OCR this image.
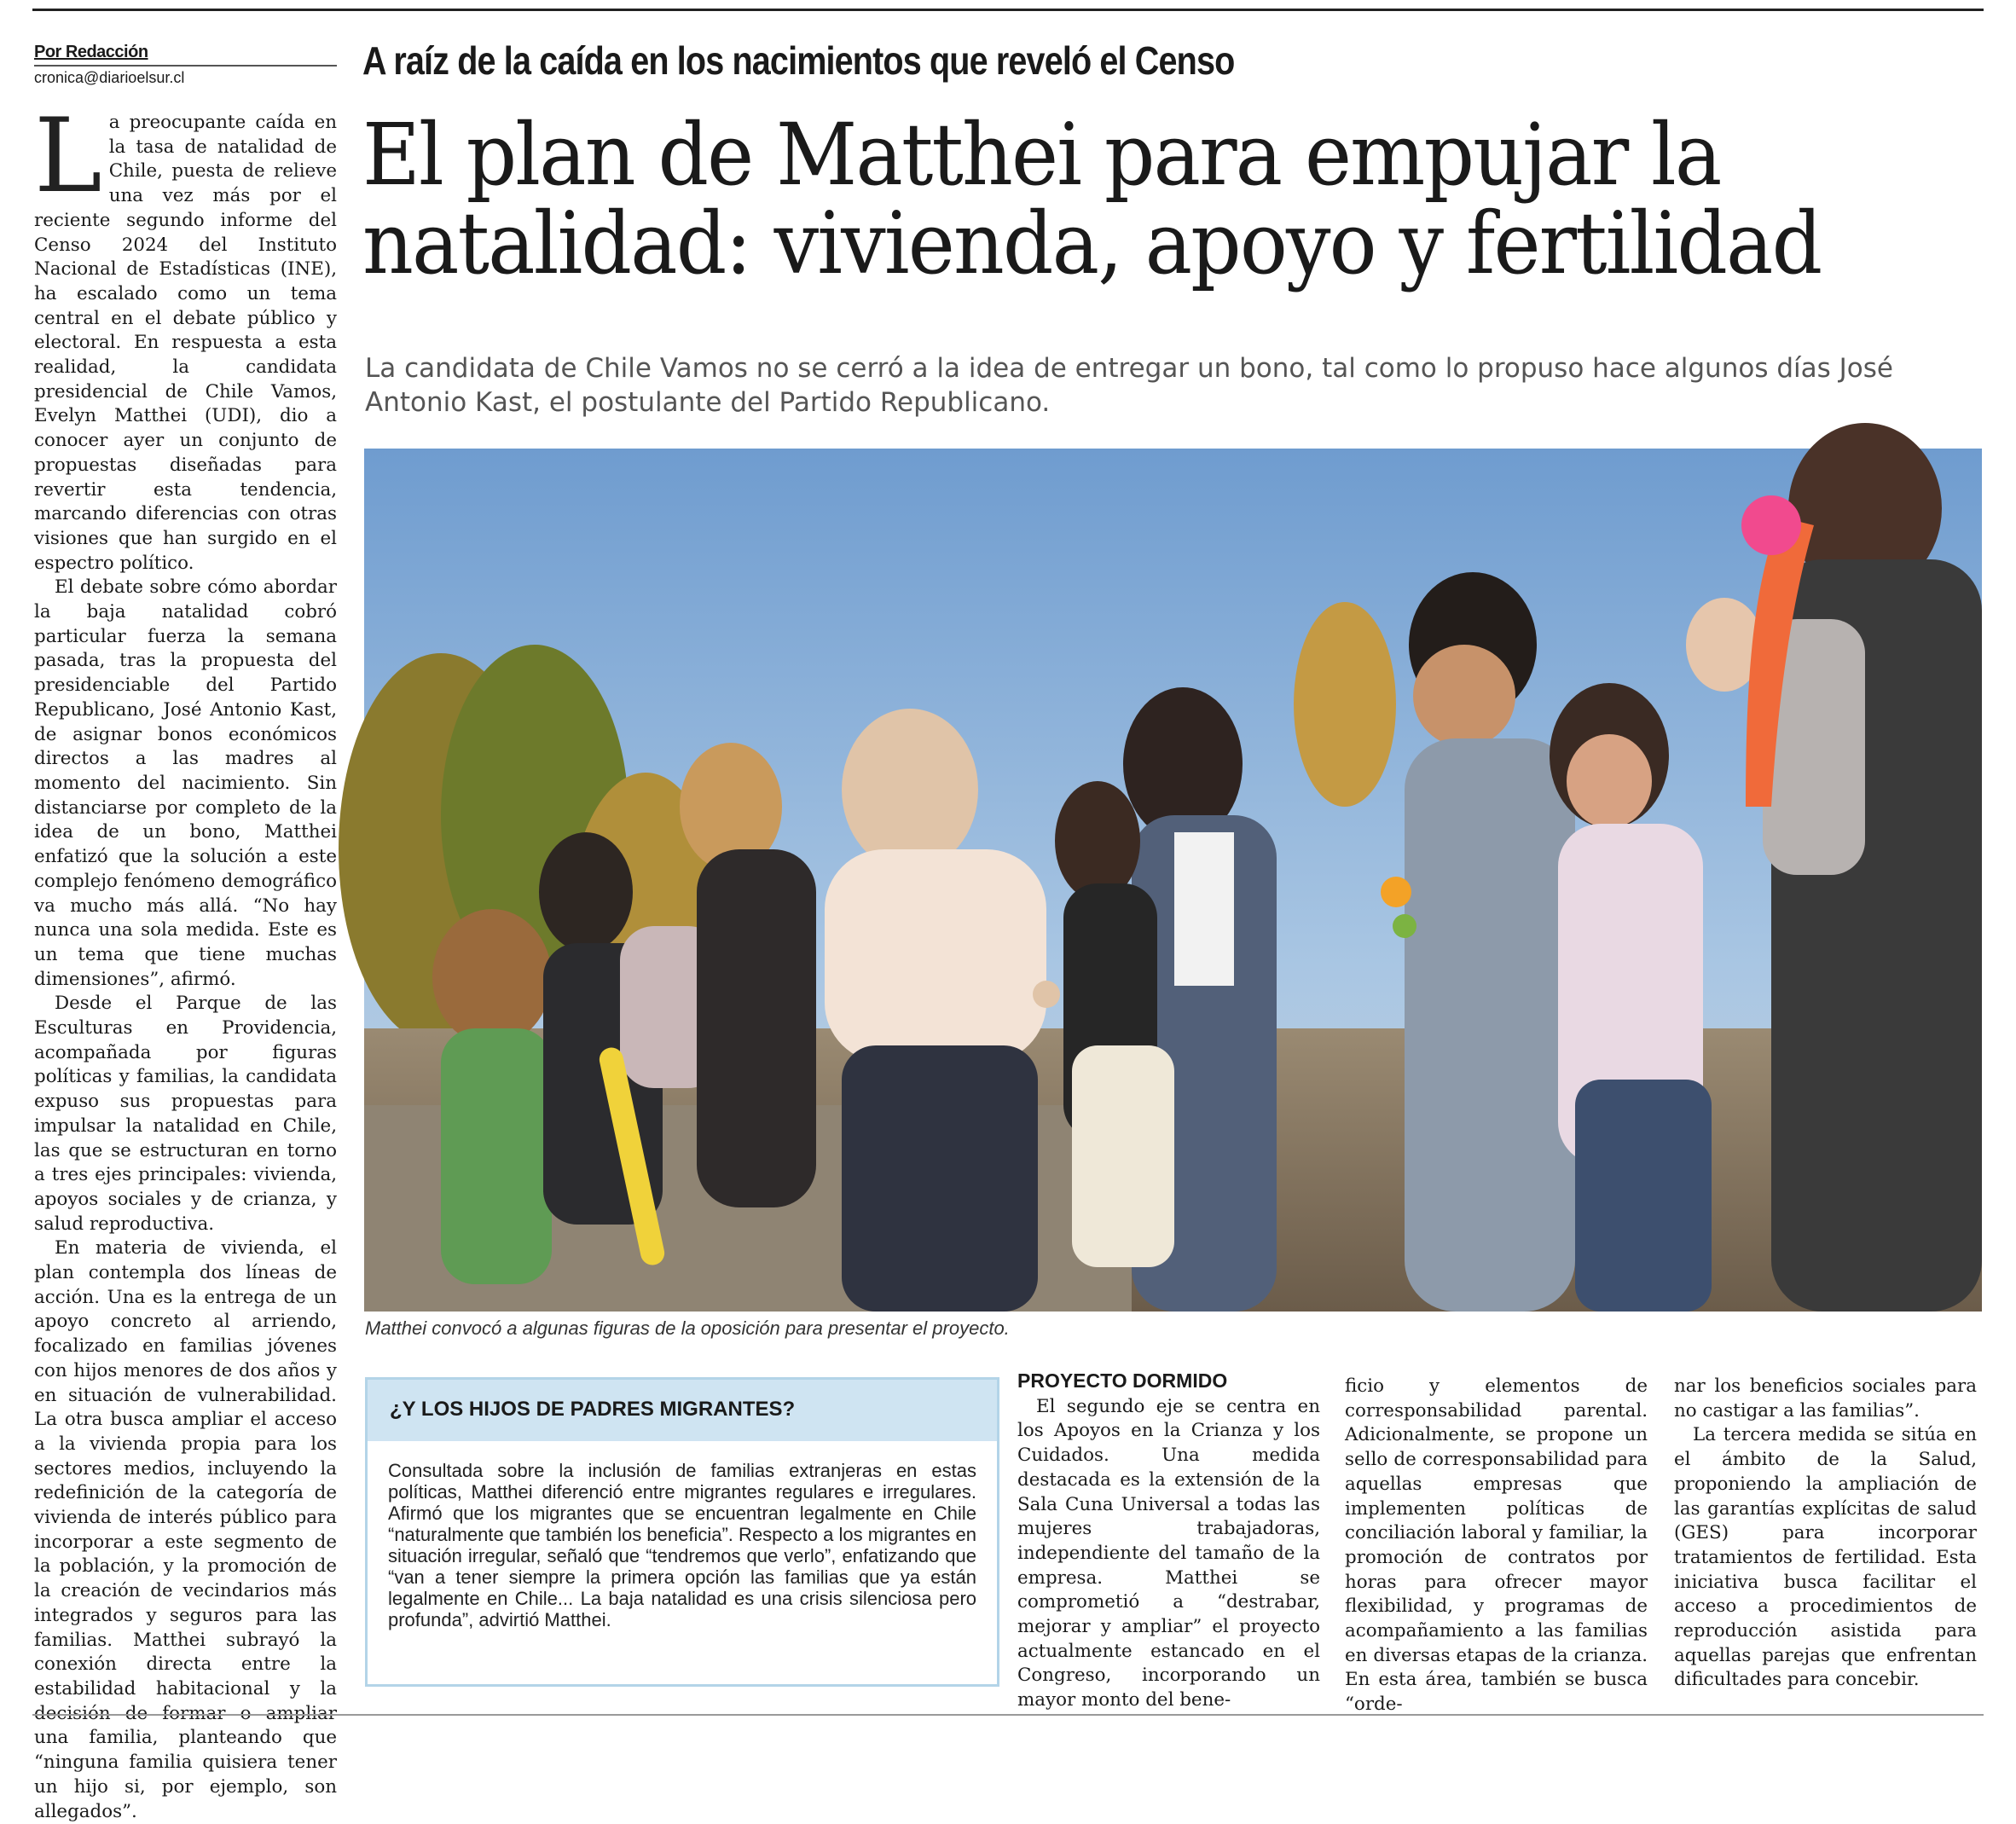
Por Redacción
cronica@diarioelsur.cl	A raíz de la caída en los nacimientos que reveló el Censo
El plan de Matthei para empujar la
natalidad: vivienda, apoyo y fertilidad
La candidata de Chile Vamos no se cerró a la idea de entregar un bono, tal como lo propuso hace algunos días José Antonio Kast, el postulante del Partido Republicano.

La preocupante caída en la tasa de natalidad de Chile, puesta de relieve una vez más por el reciente segundo informe del Censo 2024 del Instituto Nacional de Estadísticas (INE), ha escalado como un tema central en el debate público y electoral. En respuesta a esta realidad, la candidata presidencial de Chile Vamos, Evelyn Matthei (UDI), dio a conocer ayer un conjunto de propuestas diseñadas para revertir esta tendencia, marcando diferencias con otras visiones que han surgido en el espectro político.

El debate sobre cómo abordar la baja natalidad cobró particular fuerza la semana pasada, tras la propuesta del presidenciable del Partido Republicano, José Antonio Kast, de asignar bonos económicos directos a las madres al momento del nacimiento. Sin distanciarse por completo de la idea de un bono, Matthei enfatizó que la solución a este complejo fenómeno demográfico va mucho más allá. “No hay nunca una sola medida. Este es un tema que tiene muchas dimensiones”, afirmó.

Desde el Parque de las Esculturas en Providencia, acompañada por figuras políticas y familias, la candidata expuso sus propuestas para impulsar la natalidad en Chile, las que se estructuran en torno a tres ejes principales: vivienda, apoyos sociales y de crianza, y salud reproductiva.

En materia de vivienda, el plan contempla dos líneas de acción. Una es la entrega de un apoyo concreto al arriendo, focalizado en familias jóvenes con hijos menores de dos años y en situación de vulnerabilidad. La otra busca ampliar el acceso a la vivienda propia para los sectores medios, incluyendo la redefinición de la categoría de vivienda de interés público para incorporar a este segmento de la población, y la promoción de la creación de vecindarios más integrados y seguros para las familias. Matthei subrayó la conexión directa entre la estabilidad habitacional y la decisión de formar o ampliar una familia, planteando que “ninguna familia quisiera tener un hijo si, por ejemplo, son allegados”.

Matthei convocó a algunas figuras de la oposición para presentar el proyecto.
¿Y LOS HIJOS DE PADRES MIGRANTES?
Consultada sobre la inclusión de familias extranjeras en estas políticas, Matthei diferenció entre migrantes regulares e irregulares. Afirmó que los migrantes que se encuentran legalmente en Chile “naturalmente que también los beneficia”. Respecto a los migrantes en situación irregular, señaló que “tendremos que verlo”, enfatizando que “van a tener siempre la primera opción las familias que ya están legalmente en Chile... La baja natalidad es una crisis silenciosa pero profunda”, advirtió Matthei.
PROYECTO DORMIDO

El segundo eje se centra en los Apoyos en la Crianza y los Cuidados. Una medida destacada es la extensión de la Sala Cuna Universal a todas las mujeres trabajadoras, independiente del tamaño de la empresa. Matthei se comprometió a “destrabar, mejorar y ampliar” el proyecto actualmente estancado en el Congreso, incorporando un mayor monto del bene-

ficio y elementos de corresponsabilidad parental. Adicionalmente, se propone un sello de corresponsabilidad para aquellas empresas que implementen políticas de conciliación laboral y familiar, la promoción de contratos por horas para ofrecer mayor flexibilidad, y programas de acompañamiento a las familias en diversas etapas de la crianza. En esta área, también se busca “orde-

nar los beneficios sociales para no castigar a las familias”.

La tercera medida se sitúa en el ámbito de la Salud, proponiendo la ampliación de las garantías explícitas de salud (GES) para incorporar tratamientos de fertilidad. Esta iniciativa busca facilitar el acceso a procedimientos de reproducción asistida para aquellas parejas que enfrentan dificultades para concebir.
